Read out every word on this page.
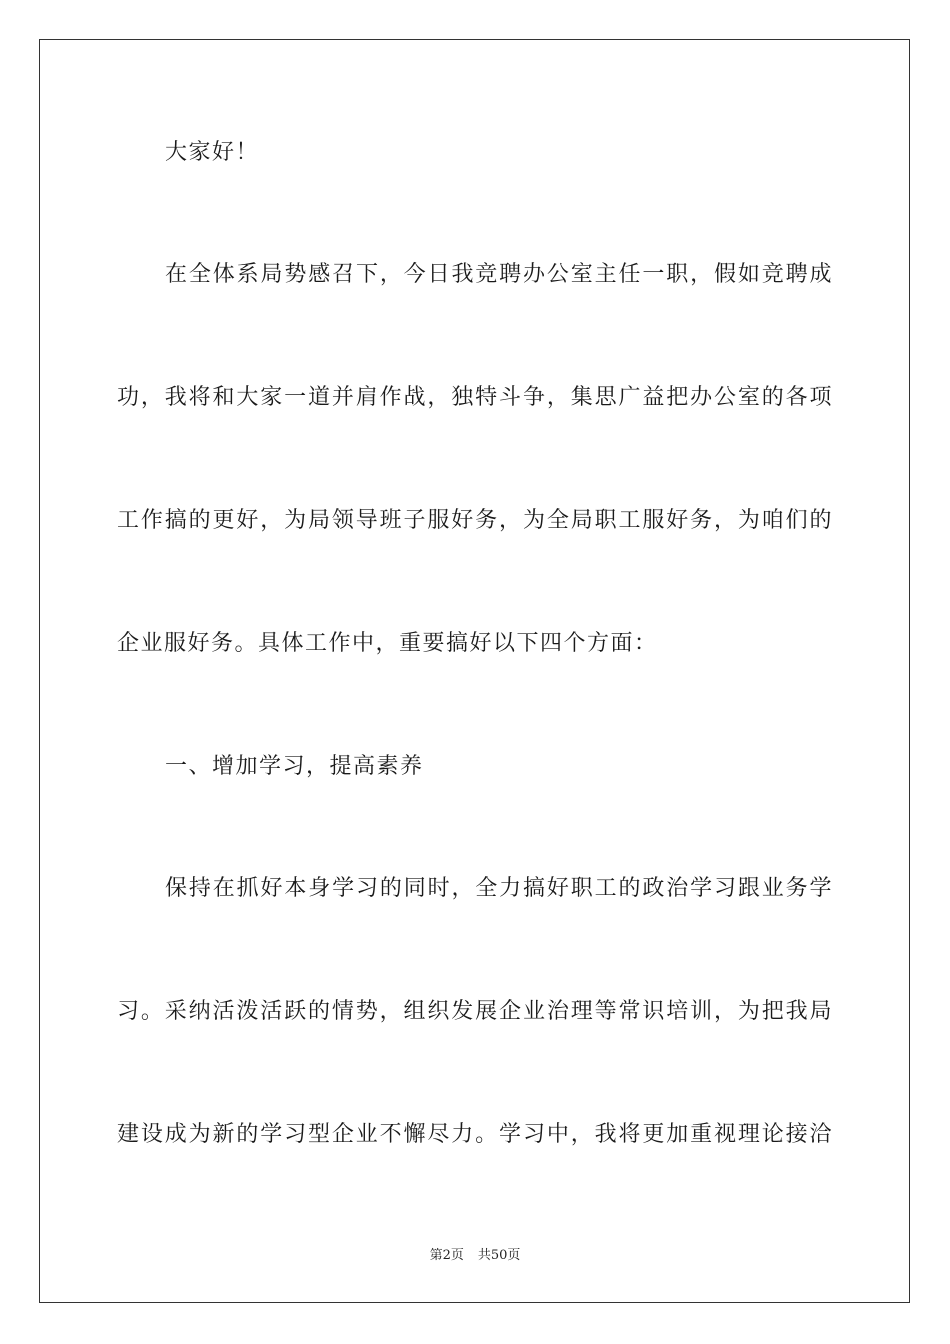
大家好！
在全体系局势感召下，今日我竞聘办公室主任一职，假如竞聘成
功，我将和大家一道并肩作战，独特斗争，集思广益把办公室的各项
工作搞的更好，为局领导班子服好务，为全局职工服好务，为咱们的
企业服好务。具体工作中，重要搞好以下四个方面：
一、增加学习，提高素养
保持在抓好本身学习的同时，全力搞好职工的政治学习跟业务学
习。采纳活泼活跃的情势，组织发展企业治理等常识培训，为把我局
建设成为新的学习型企业不懈尽力。学习中，我将更加重视理论接洽
第2页 共50页
